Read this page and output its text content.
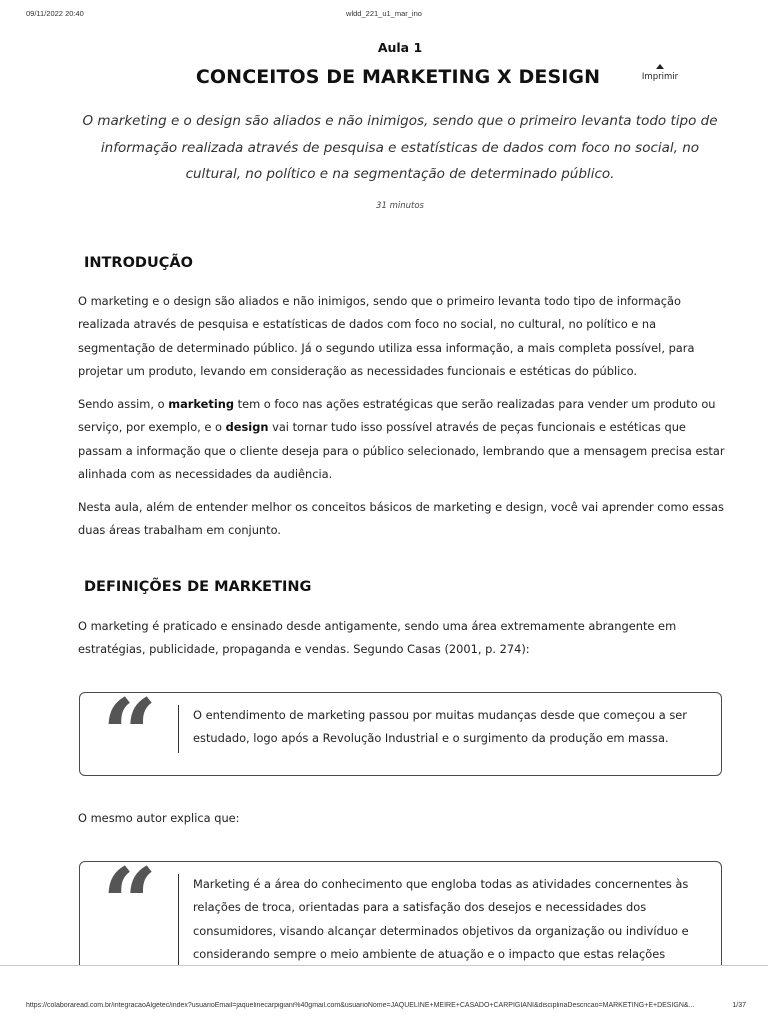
09/11/2022 20:40	wldd_221_u1_mar_ino
Aula 1
CONCEITOS DE MARKETING X DESIGN	Imprimir
O marketing e o design são aliados e não inimigos, sendo que o primeiro levanta todo tipo de informação realizada através de pesquisa e estatísticas de dados com foco no social, no cultural, no político e na segmentação de determinado público.
31 minutos
INTRODUÇÃO

O marketing e o design são aliados e não inimigos, sendo que o primeiro levanta todo tipo de informação realizada através de pesquisa e estatísticas de dados com foco no social, no cultural, no político e na segmentação de determinado público. Já o segundo utiliza essa informação, a mais completa possível, para projetar um produto, levando em consideração as necessidades funcionais e estéticas do público.

Sendo assim, o marketing tem o foco nas ações estratégicas que serão realizadas para vender um produto ou serviço, por exemplo, e o design vai tornar tudo isso possível através de peças funcionais e estéticas que passam a informação que o cliente deseja para o público selecionado, lembrando que a mensagem precisa estar alinhada com as necessidades da audiência.

Nesta aula, além de entender melhor os conceitos básicos de marketing e design, você vai aprender como essas duas áreas trabalham em conjunto.

DEFINIÇÕES DE MARKETING

O marketing é praticado e ensinado desde antigamente, sendo uma área extremamente abrangente em estratégias, publicidade, propaganda e vendas. Segundo Casas (2001, p. 274):

“	O entendimento de marketing passou por muitas mudanças desde que começou a ser estudado, logo após a Revolução Industrial e o surgimento da produção em massa.

O mesmo autor explica que:

“	Marketing é a área do conhecimento que engloba todas as atividades concernentes às relações de troca, orientadas para a satisfação dos desejos e necessidades dos consumidores, visando alcançar determinados objetivos da organização ou indivíduo e considerando sempre o meio ambiente de atuação e o impacto que estas relações
https://colaboraread.com.br/integracaoAlgetec/index?usuarioEmail=jaquelinecarpigiani%40gmail.com&usuarioNome=JAQUELINE+MEIRE+CASADO+CARPIGIANI&disciplinaDescricao=MARKETING+E+DESIGN&...	1/37
